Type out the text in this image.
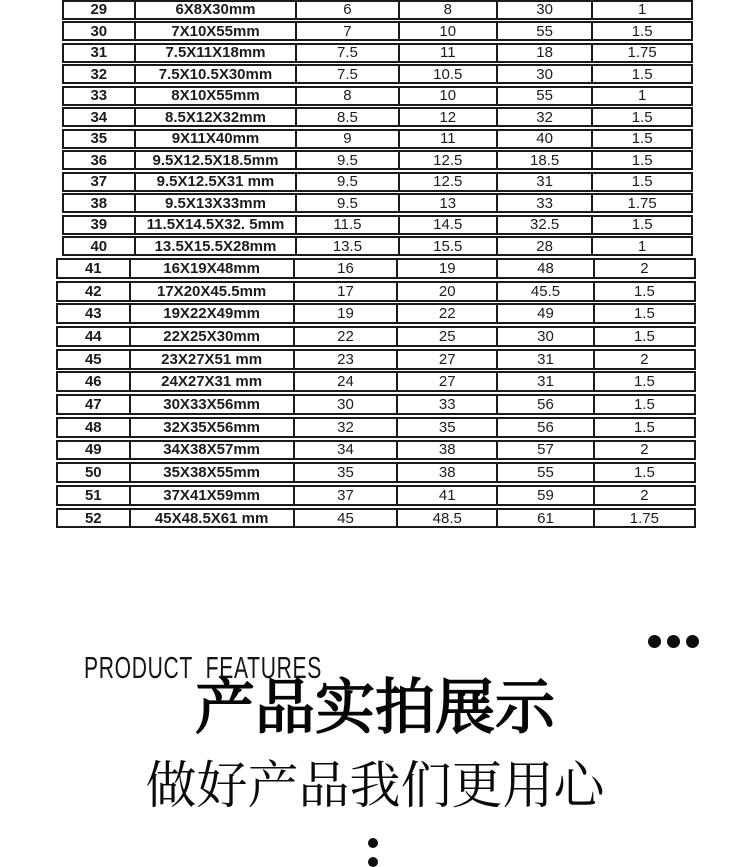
29	6X8X30mm	6	8	30	1
30	7X10X55mm	7	10	55	1.5
31	7.5X11X18mm	7.5	11	18	1.75
32	7.5X10.5X30mm	7.5	10.5	30	1.5
33	8X10X55mm	8	10	55	1
34	8.5X12X32mm	8.5	12	32	1.5
35	9X11X40mm	9	11	40	1.5
36	9.5X12.5X18.5mm	9.5	12.5	18.5	1.5
37	9.5X12.5X31 mm	9.5	12.5	31	1.5
38	9.5X13X33mm	9.5	13	33	1.75
39	11.5X14.5X32. 5mm	11.5	14.5	32.5	1.5
40	13.5X15.5X28mm	13.5	15.5	28	1
41	16X19X48mm	16	19	48	2
42	17X20X45.5mm	17	20	45.5	1.5
43	19X22X49mm	19	22	49	1.5
44	22X25X30mm	22	25	30	1.5
45	23X27X51 mm	23	27	31	2
46	24X27X31 mm	24	27	31	1.5
47	30X33X56mm	30	33	56	1.5
48	32X35X56mm	32	35	56	1.5
49	34X38X57mm	34	38	57	2
50	35X38X55mm	35	38	55	1.5
51	37X41X59mm	37	41	59	2
52	45X48.5X61 mm	45	48.5	61	1.75

PRODUCT  FEATURES

产品实拍展示
做好产品我们更用心
